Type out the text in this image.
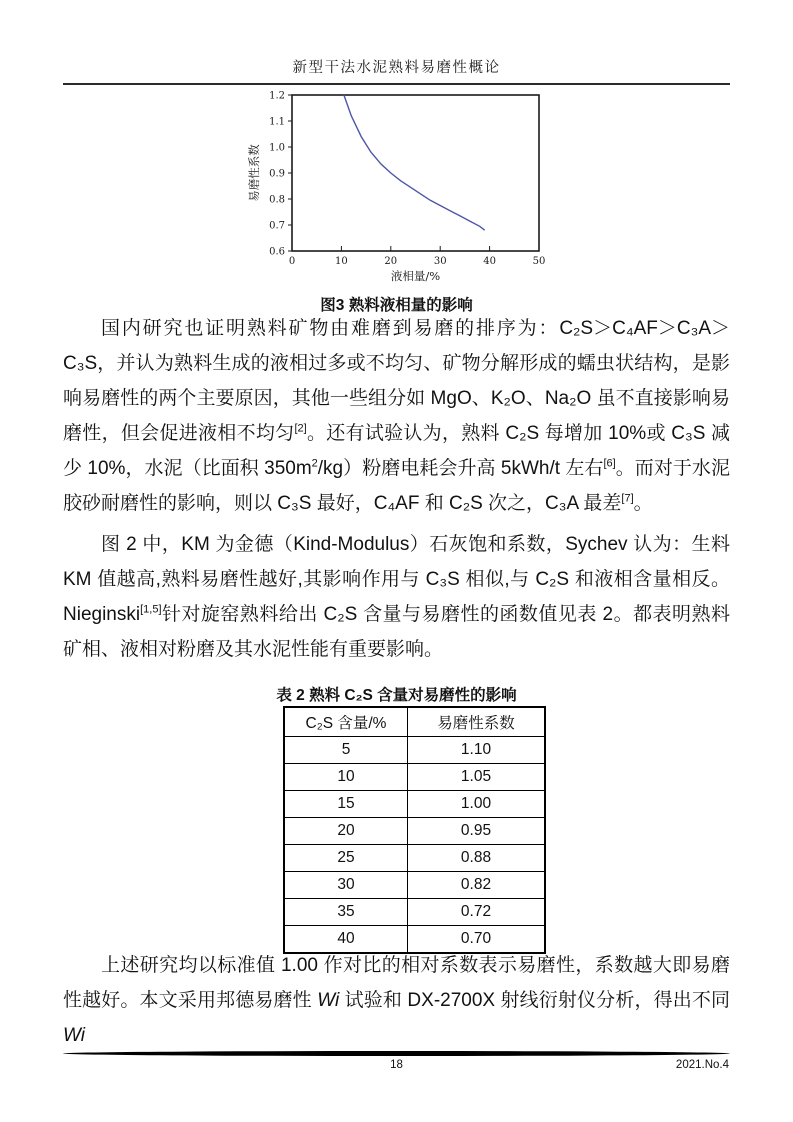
新型干法水泥熟料易磨性概论
0	10	20	30	40	50
0.6
0.7
0.8
0.9
1.0
1.1
1.2
液相量/%
易磨性系数
图3 熟料液相量的影响

国内研究也证明熟料矿物由难磨到易磨的排序为：C₂S＞C₄AF＞C₃A＞C₃S，并认为熟料生成的液相过多或不均匀、矿物分解形成的蠕虫状结构，是影响易磨性的两个主要原因，其他一些组分如 MgO、K₂O、Na₂O 虽不直接影响易磨性，但会促进液相不均匀[2]。还有试验认为，熟料 C₂S 每增加 10%或 C₃S 减少 10%，水泥（比面积 $350m^2/kg$）粉磨电耗会升高 5kWh/t 左右[6]。而对于水泥胶砂耐磨性的影响，则以 C₃S 最好，C₄AF 和 C₂S 次之，C₃A 最差[7]。

图 2 中，KM 为金德（Kind-Modulus）石灰饱和系数，Sychev 认为：生料 KM 值越高,熟料易磨性越好,其影响作用与 C₃S 相似,与 C₂S 和液相含量相反。Nieginski[1,5]针对旋窑熟料给出 C₂S 含量与易磨性的函数值见表 2。都表明熟料矿相、液相对粉磨及其水泥性能有重要影响。

表 2 熟料 C₂S 含量对易磨性的影响
C₂S 含量/%	易磨性系数
5	1.10
10	1.05
15	1.00
20	0.95
25	0.88
30	0.82
35	0.72
40	0.70

上述研究均以标准值 1.00 作对比的相对系数表示易磨性，系数越大即易磨性越好。本文采用邦德易磨性 Wi 试验和 DX-2700X 射线衍射仪分析，得出不同 Wi

18	2021.No.4
